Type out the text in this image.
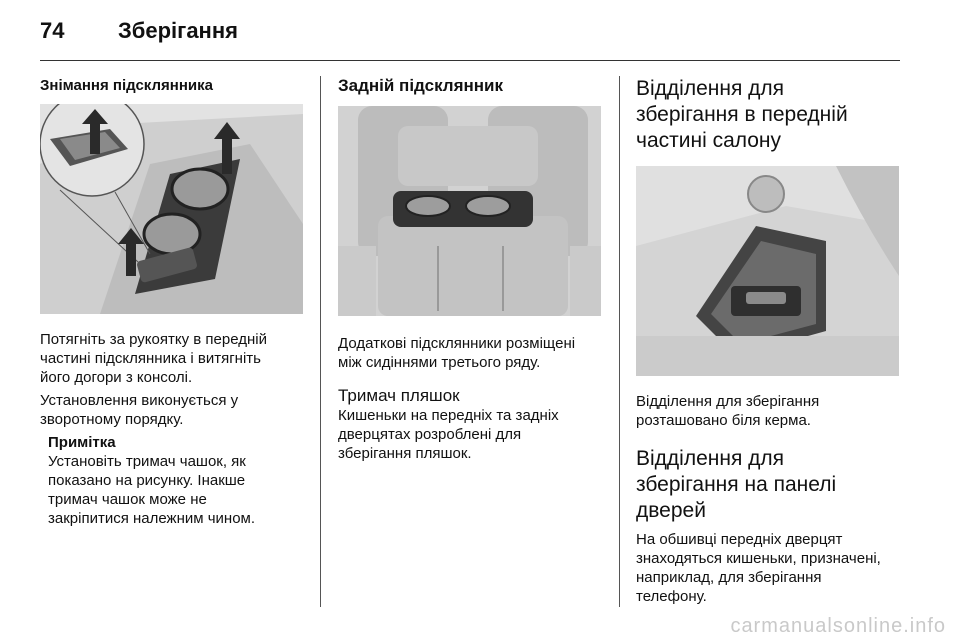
74 Зберігання
Знімання підсклянника

Потягніть за рукоятку в передній

частині підсклянника і витягніть

його догори з консолі.

Установлення виконується у

зворотному порядку.

Примітка

Установіть тримач чашок, як

показано на рисунку. Інакше

тримач чашок може не

закріпитися належним чином.

Задній підсклянник

Додаткові підсклянники розміщені

між сидіннями третього ряду.

Тримач пляшок

Кишеньки на передніх та задніх

дверцятах розроблені для

зберігання пляшок.

Відділення для
зберігання в передній
частині салону

Відділення для зберігання

розташовано біля керма.

Відділення для
зберігання на панелі
дверей

На обшивці передніх дверцят

знаходяться кишеньки, призначені,

наприклад, для зберігання

телефону.

carmanualsonline.info
